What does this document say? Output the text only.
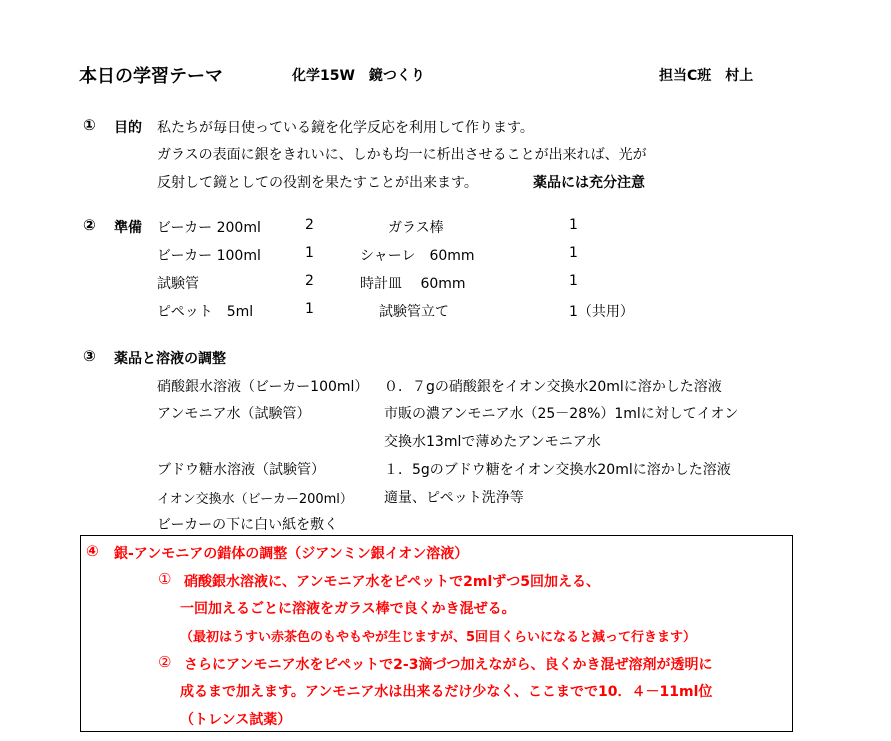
本日の学習テーマ	化学15W　鏡つくり	担当C班　村上
① 目的 私たちが毎日使っている鏡を化学反応を利用して作ります。
ガラスの表面に銀をきれいに、しかも均一に析出させることが出来れば、光が
反射して鏡としての役割を果たすことが出来ます。	薬品には充分注意
② 準備 ビーカー 200ml	2	ガラス棒	1
ビーカー 100ml	1	シャーレ　60mm	1
試験管	2	時計皿　 60mm	1
ピペット　5ml	1	試験管立て	1（共用）
③ 薬品と溶液の調整
硝酸銀水溶液（ビーカー100ml） ０．７gの硝酸銀をイオン交換水20mlに溶かした溶液
アンモニア水（試験管）	市販の濃アンモニア水（25－28%）1mlに対してイオン
交換水13mlで薄めたアンモニア水
ブドウ糖水溶液（試験管）	１．5gのブドウ糖をイオン交換水20mlに溶かした溶液
イオン交換水（ビーカー200ml） 適量、ピペット洗浄等
ビーカーの下に白い紙を敷く
④ 銀-アンモニアの錯体の調整（ジアンミン銀イオン溶液）
① 硝酸銀水溶液に、アンモニア水をピペットで2mlずつ5回加える、
一回加えるごとに溶液をガラス棒で良くかき混ぜる。
（最初はうすい赤茶色のもやもやが生じますが、5回目くらいになると減って行きます）
② さらにアンモニア水をピペットで2-3滴づつ加えながら、良くかき混ぜ溶剤が透明に
成るまで加えます。アンモニア水は出来るだけ少なく、ここまでで10．４－11ml位
（トレンス試薬）
